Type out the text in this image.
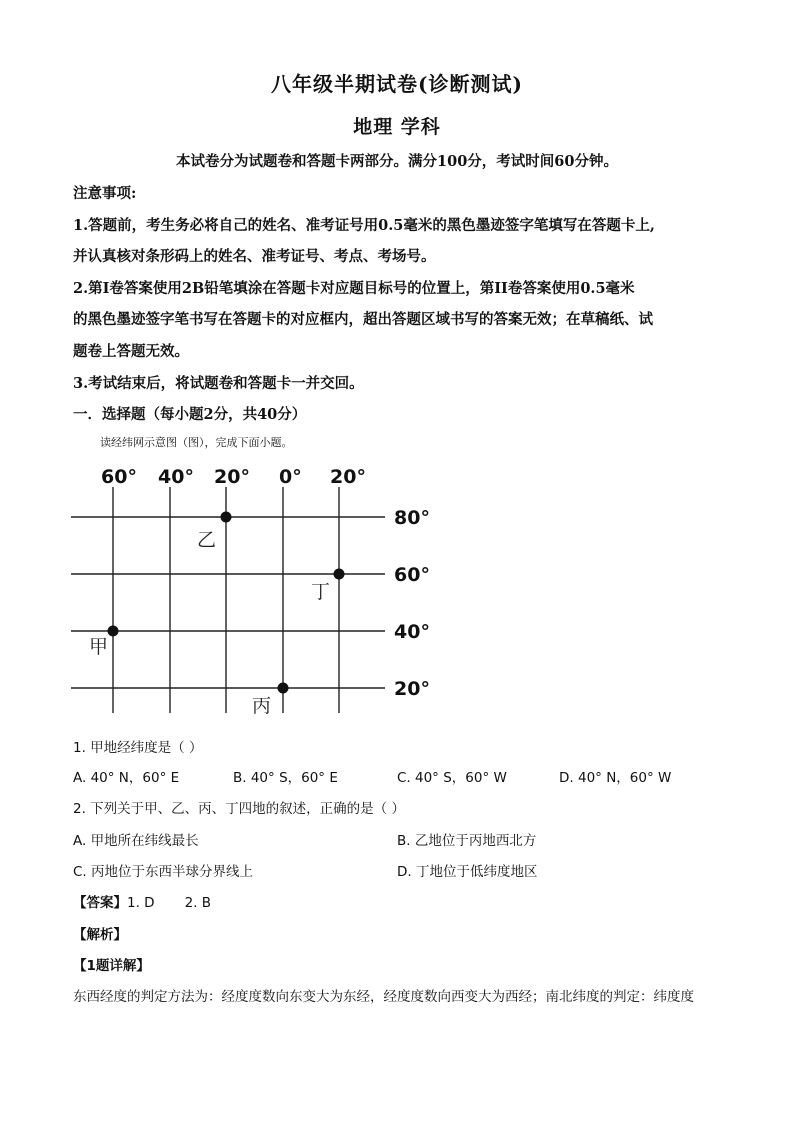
八年级半期试卷(诊断测试)
地理 学科
本试卷分为试题卷和答题卡两部分。满分100分，考试时间60分钟。
注意事项:
1.答题前，考生务必将自己的姓名、准考证号用0.5毫米的黑色墨迹签字笔填写在答题卡上,
并认真核对条形码上的姓名、准考证号、考点、考场号。
2.第Ⅰ卷答案使用2B铅笔填涂在答题卡对应题目标号的位置上，第II卷答案使用0.5毫米
的黑色墨迹签字笔书写在答题卡的对应框内，超出答题区域书写的答案无效；在草稿纸、试
题卷上答题无效。
3.考试结束后，将试题卷和答题卡一并交回。
一．选择题（每小题2分，共40分）
读经纬网示意图（图），完成下面小题。
60° 40° 20° 0° 20°
80°
60°
40°
20°
甲
乙
丙
丁
1. 甲地经纬度是（ ）
A. 40° N，60° E	B. 40° S，60° E	C. 40° S，60° W	D. 40° N，60° W
2. 下列关于甲、乙、丙、丁四地的叙述，正确的是（ ）
A. 甲地所在纬线最长	B. 乙地位于丙地西北方
C. 丙地位于东西半球分界线上	D. 丁地位于低纬度地区
【答案】1. D       2. B
【解析】
【1题详解】
东西经度的判定方法为：经度度数向东变大为东经，经度度数向西变大为西经；南北纬度的判定：纬度度
